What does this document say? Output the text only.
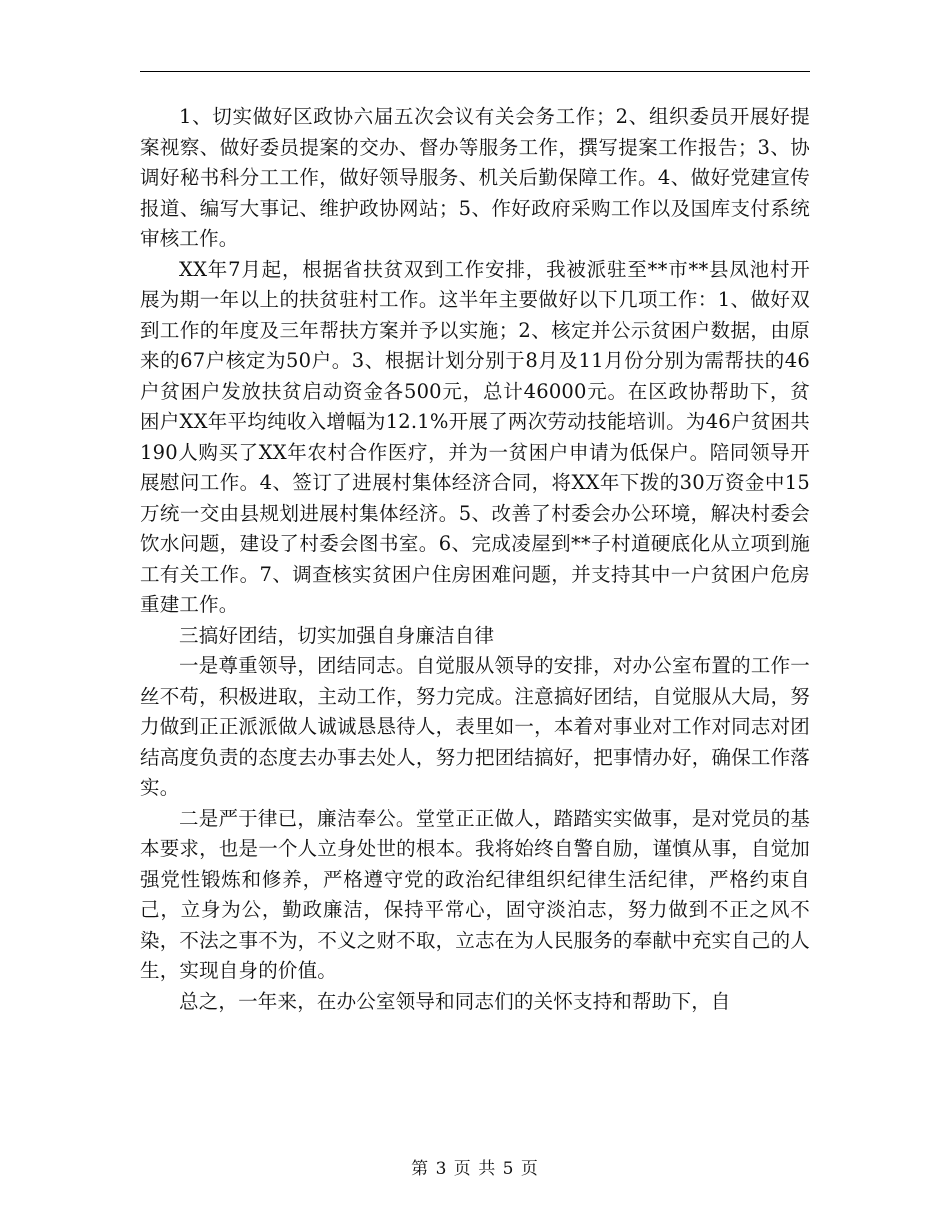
1、切实做好区政协六届五次会议有关会务工作；2、组织委员开展好提案视察、做好委员提案的交办、督办等服务工作，撰写提案工作报告；3、协调好秘书科分工工作，做好领导服务、机关后勤保障工作。4、做好党建宣传报道、编写大事记、维护政协网站；5、作好政府采购工作以及国库支付系统审核工作。

XX年7月起，根据省扶贫双到工作安排，我被派驻至**市**县凤池村开展为期一年以上的扶贫驻村工作。这半年主要做好以下几项工作：1、做好双到工作的年度及三年帮扶方案并予以实施；2、核定并公示贫困户数据，由原来的67户核定为50户。3、根据计划分别于8月及11月份分别为需帮扶的46户贫困户发放扶贫启动资金各500元，总计46000元。在区政协帮助下，贫困户XX年平均纯收入增幅为12.1%开展了两次劳动技能培训。为46户贫困共190人购买了XX年农村合作医疗，并为一贫困户申请为低保户。陪同领导开展慰问工作。4、签订了进展村集体经济合同，将XX年下拨的30万资金中15万统一交由县规划进展村集体经济。5、改善了村委会办公环境，解决村委会饮水问题，建设了村委会图书室。6、完成凌屋到**子村道硬底化从立项到施工有关工作。7、调查核实贫困户住房困难问题，并支持其中一户贫困户危房重建工作。

三搞好团结，切实加强自身廉洁自律

一是尊重领导，团结同志。自觉服从领导的安排，对办公室布置的工作一丝不苟，积极进取，主动工作，努力完成。注意搞好团结，自觉服从大局，努力做到正正派派做人诚诚恳恳待人，表里如一，本着对事业对工作对同志对团结高度负责的态度去办事去处人，努力把团结搞好，把事情办好，确保工作落实。

二是严于律已，廉洁奉公。堂堂正正做人，踏踏实实做事，是对党员的基本要求，也是一个人立身处世的根本。我将始终自警自励，谨慎从事，自觉加强党性锻炼和修养，严格遵守党的政治纪律组织纪律生活纪律，严格约束自己，立身为公，勤政廉洁，保持平常心，固守淡泊志，努力做到不正之风不染，不法之事不为，不义之财不取，立志在为人民服务的奉献中充实自己的人生，实现自身的价值。

总之，一年来，在办公室领导和同志们的关怀支持和帮助下，自

第 3 页 共 5 页
